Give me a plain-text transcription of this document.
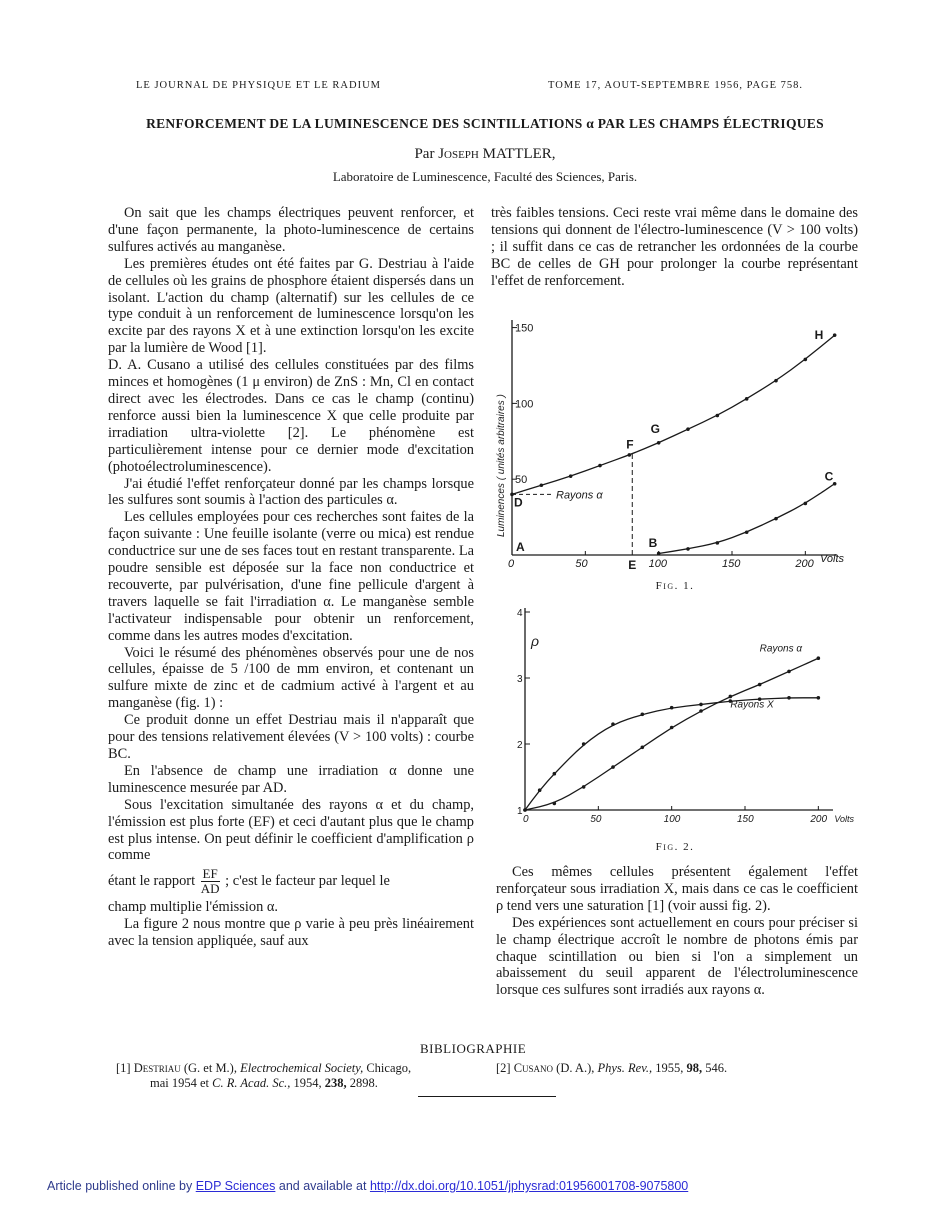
LE JOURNAL DE PHYSIQUE ET LE RADIUM	TOME 17, AOUT-SEPTEMBRE 1956, PAGE 758.
RENFORCEMENT DE LA LUMINESCENCE DES SCINTILLATIONS α PAR LES CHAMPS ÉLECTRIQUES
Par Joseph MATTLER,
Laboratoire de Luminescence, Faculté des Sciences, Paris.

On sait que les champs électriques peuvent renforcer, et d'une façon permanente, la photo-luminescence de certains sulfures activés au manganèse.

Les premières études ont été faites par G. Destriau à l'aide de cellules où les grains de phosphore étaient dispersés dans un isolant. L'action du champ (alternatif) sur les cellules de ce type conduit à un renforcement de luminescence lorsqu'on les excite par des rayons X et à une extinction lorsqu'on les excite par la lumière de Wood [1].

D. A. Cusano a utilisé des cellules constituées par des films minces et homogènes (1 μ environ) de ZnS : Mn, Cl en contact direct avec les électrodes. Dans ce cas le champ (continu) renforce aussi bien la luminescence X que celle produite par irradiation ultra-violette [2]. Le phénomène est particulièrement intense pour ce dernier mode d'excitation (photoélectroluminescence).

J'ai étudié l'effet renforçateur donné par les champs lorsque les sulfures sont soumis à l'action des particules α.

Les cellules employées pour ces recherches sont faites de la façon suivante : Une feuille isolante (verre ou mica) est rendue conductrice sur une de ses faces tout en restant transparente. La poudre sensible est déposée sur la face non conductrice et recouverte, par pulvérisation, d'une fine pellicule d'argent à travers laquelle se fait l'irradiation α. Le manganèse semble l'activateur indispensable pour obtenir un renforcement, comme dans les autres modes d'excitation.

Voici le résumé des phénomènes observés pour une de nos cellules, épaisse de 5 /100 de mm environ, et contenant un sulfure mixte de zinc et de cadmium activé à l'argent et au manganèse (fig. 1) :

Ce produit donne un effet Destriau mais il n'apparaît que pour des tensions relativement élevées (V > 100 volts) : courbe BC.

En l'absence de champ une irradiation α donne une luminescence mesurée par AD.

Sous l'excitation simultanée des rayons α et du champ, l'émission est plus forte (EF) et ceci d'autant plus que le champ est plus intense. On peut définir le coefficient d'amplification ρ comme

étant le rapport $\frac{EF}{AD}$ ; c'est le facteur par lequel le

champ multiplie l'émission α.

La figure 2 nous montre que ρ varie à peu près linéairement avec la tension appliquée, sauf aux

très faibles tensions. Ceci reste vrai même dans le domaine des tensions qui donnent de l'électro-luminescence (V > 100 volts) ; il suffit dans ce cas de retrancher les ordonnées de la courbe BC de celles de GH pour prolonger la courbe représentant l'effet de renforcement.

0	50	100	150	200 Volts
50
100
150
Luminences ( unités arbitraires )	Rayons α
A	B
C
D
E
F
G
H
Fig. 1.
0	50	100	150	200 Volts
1
2
3
4
ρ
Rayons α
Rayons X
Fig. 2.

Ces mêmes cellules présentent également l'effet renforçateur sous irradiation X, mais dans ce cas le coefficient ρ tend vers une saturation [1] (voir aussi fig. 2).

Des expériences sont actuellement en cours pour préciser si le champ électrique accroît le nombre de photons émis par chaque scintillation ou bien si l'on a simplement un abaissement du seuil apparent de l'électroluminescence lorsque ces sulfures sont irradiés aux rayons α.

BIBLIOGRAPHIE
[1] Destriau (G. et M.), Electrochemical Society, Chicago,
mai 1954 et C. R. Acad. Sc., 1954, 238, 2898.
[2] Cusano (D. A.), Phys. Rev., 1955, 98, 546.
Article published online by EDP Sciences and available at http://dx.doi.org/10.1051/jphysrad:01956001708-9075800
